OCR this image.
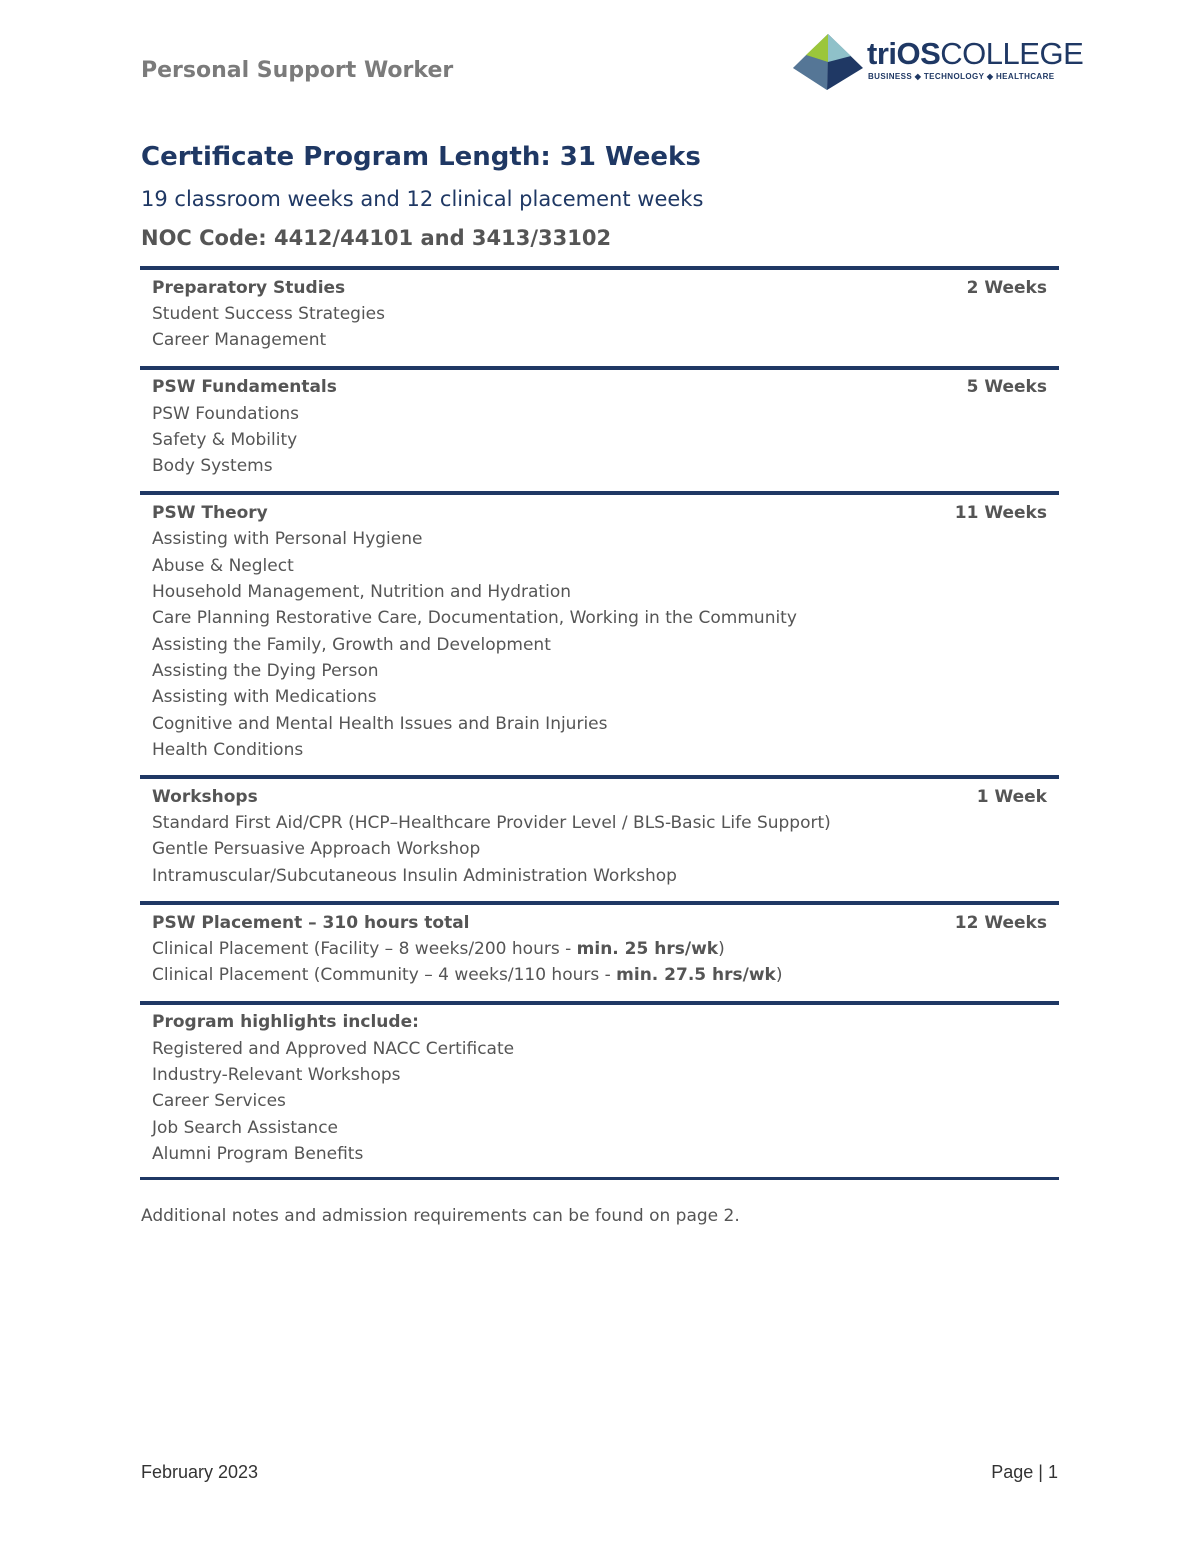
Personal Support Worker	triOSCOLLEGE
BUSINESS ◆ TECHNOLOGY ◆ HEALTHCARE
Certificate Program Length: 31 Weeks
19 classroom weeks and 12 clinical placement weeks
NOC Code: 4412/44101 and 3413/33102
Preparatory Studies	2 Weeks
Student Success Strategies
Career Management
PSW Fundamentals	5 Weeks
PSW Foundations
Safety & Mobility
Body Systems
PSW Theory	11 Weeks
Assisting with Personal Hygiene
Abuse & Neglect
Household Management, Nutrition and Hydration
Care Planning Restorative Care, Documentation, Working in the Community
Assisting the Family, Growth and Development
Assisting the Dying Person
Assisting with Medications
Cognitive and Mental Health Issues and Brain Injuries
Health Conditions
Workshops	1 Week
Standard First Aid/CPR (HCP–Healthcare Provider Level / BLS-Basic Life Support)
Gentle Persuasive Approach Workshop
Intramuscular/Subcutaneous Insulin Administration Workshop
PSW Placement – 310 hours total	12 Weeks
Clinical Placement (Facility – 8 weeks/200 hours - min. 25 hrs/wk)
Clinical Placement (Community – 4 weeks/110 hours - min. 27.5 hrs/wk)
Program highlights include:
Registered and Approved NACC Certificate
Industry-Relevant Workshops
Career Services
Job Search Assistance
Alumni Program Benefits
Additional notes and admission requirements can be found on page 2.
February 2023	Page | 1
